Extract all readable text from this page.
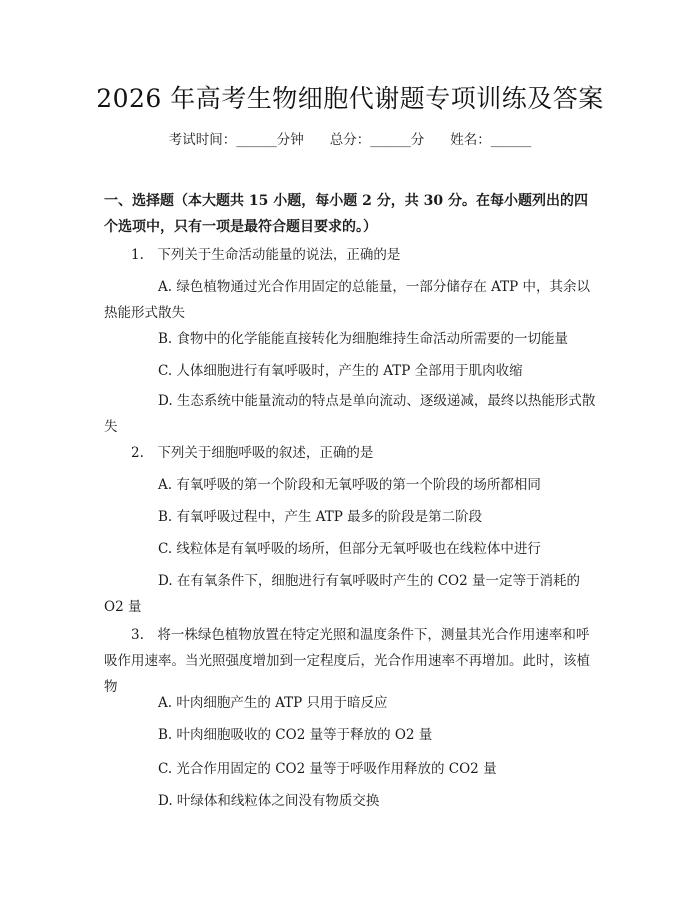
2026 年高考生物细胞代谢题专项训练及答案
考试时间：______分钟 总分：______分 姓名：______
一、选择题（本大题共 15 小题，每小题 2 分，共 30 分。在每小题列出的四个选项中，只有一项是最符合题目要求的。）
1.　下列关于生命活动能量的说法，正确的是
A. 绿色植物通过光合作用固定的总能量，一部分储存在 ATP 中，其余以热能形式散失
B. 食物中的化学能能直接转化为细胞维持生命活动所需要的一切能量
C. 人体细胞进行有氧呼吸时，产生的 ATP 全部用于肌肉收缩
D. 生态系统中能量流动的特点是单向流动、逐级递减，最终以热能形式散失
2.　下列关于细胞呼吸的叙述，正确的是
A. 有氧呼吸的第一个阶段和无氧呼吸的第一个阶段的场所都相同
B. 有氧呼吸过程中，产生 ATP 最多的阶段是第二阶段
C. 线粒体是有氧呼吸的场所，但部分无氧呼吸也在线粒体中进行
D. 在有氧条件下，细胞进行有氧呼吸时产生的 CO2 量一定等于消耗的 O2 量
3.　将一株绿色植物放置在特定光照和温度条件下，测量其光合作用速率和呼吸作用速率。当光照强度增加到一定程度后，光合作用速率不再增加。此时，该植物
A. 叶肉细胞产生的 ATP 只用于暗反应
B. 叶肉细胞吸收的 CO2 量等于释放的 O2 量
C. 光合作用固定的 CO2 量等于呼吸作用释放的 CO2 量
D. 叶绿体和线粒体之间没有物质交换
